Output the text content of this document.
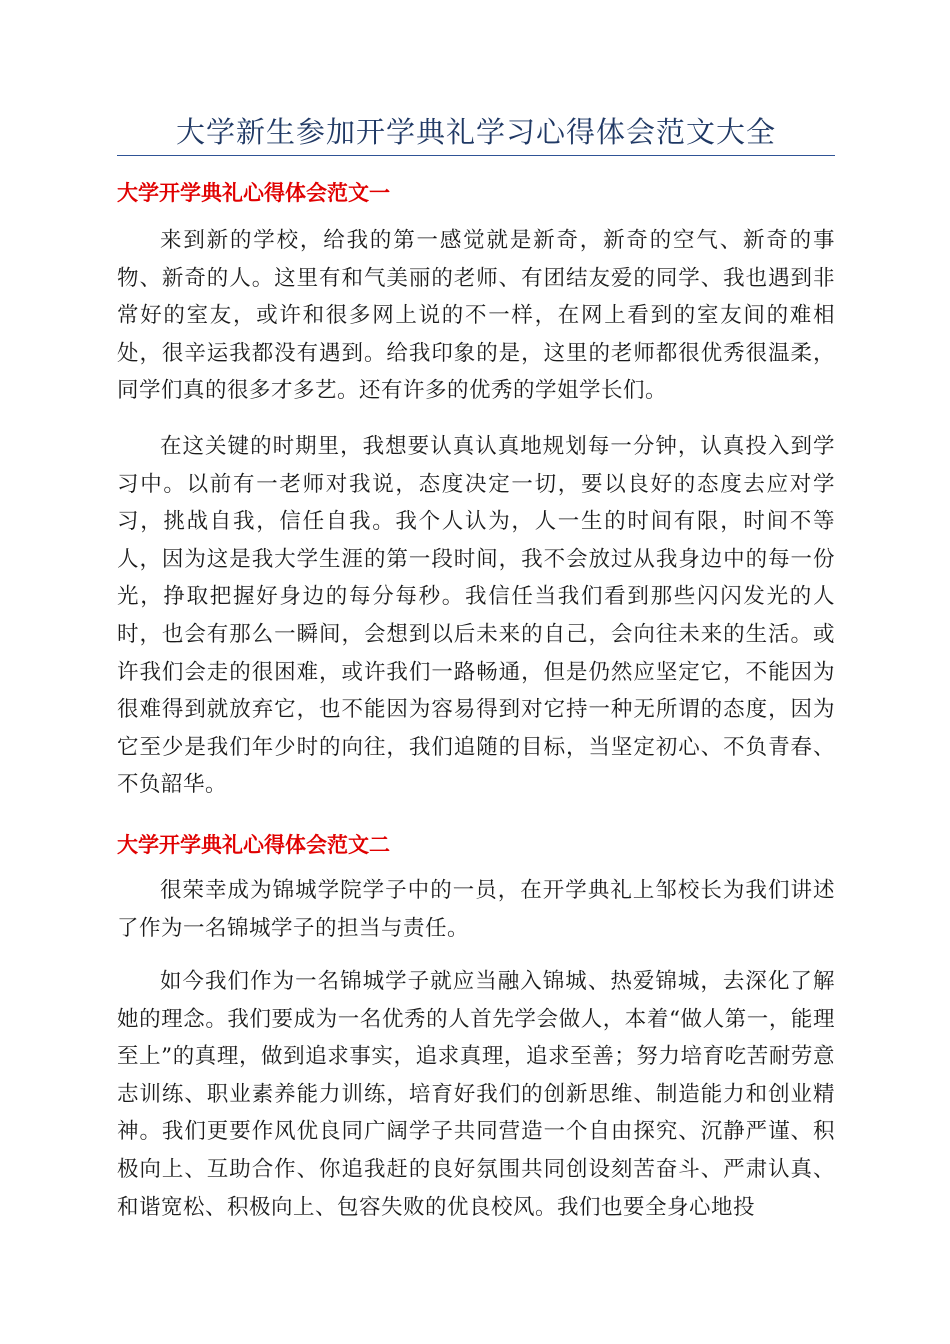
大学新生参加开学典礼学习心得体会范文大全
大学开学典礼心得体会范文一

来到新的学校，给我的第一感觉就是新奇，新奇的空气、新奇的事物、新奇的人。这里有和气美丽的老师、有团结友爱的同学、我也遇到非常好的室友，或许和很多网上说的不一样，在网上看到的室友间的难相处，很辛运我都没有遇到。给我印象的是，这里的老师都很优秀很温柔，同学们真的很多才多艺。还有许多的优秀的学姐学长们。

在这关键的时期里，我想要认真认真地规划每一分钟，认真投入到学习中。以前有一老师对我说，态度决定一切，要以良好的态度去应对学习，挑战自我，信任自我。我个人认为，人一生的时间有限，时间不等人，因为这是我大学生涯的第一段时间，我不会放过从我身边中的每一份光，挣取把握好身边的每分每秒。我信任当我们看到那些闪闪发光的人时，也会有那么一瞬间，会想到以后未来的自己，会向往未来的生活。或许我们会走的很困难，或许我们一路畅通，但是仍然应坚定它，不能因为很难得到就放弃它，也不能因为容易得到对它持一种无所谓的态度，因为它至少是我们年少时的向往，我们追随的目标，当坚定初心、不负青春、不负韶华。

大学开学典礼心得体会范文二

很荣幸成为锦城学院学子中的一员，在开学典礼上邹校长为我们讲述了作为一名锦城学子的担当与责任。

如今我们作为一名锦城学子就应当融入锦城、热爱锦城，去深化了解她的理念。我们要成为一名优秀的人首先学会做人，本着“做人第一，能理至上”的真理，做到追求事实，追求真理，追求至善；努力培育吃苦耐劳意志训练、职业素养能力训练，培育好我们的创新思维、制造能力和创业精神。我们更要作风优良同广阔学子共同营造一个自由探究、沉静严谨、积极向上、互助合作、你追我赶的良好氛围共同创设刻苦奋斗、严肃认真、和谐宽松、积极向上、包容失败的优良校风。我们也要全身心地投
